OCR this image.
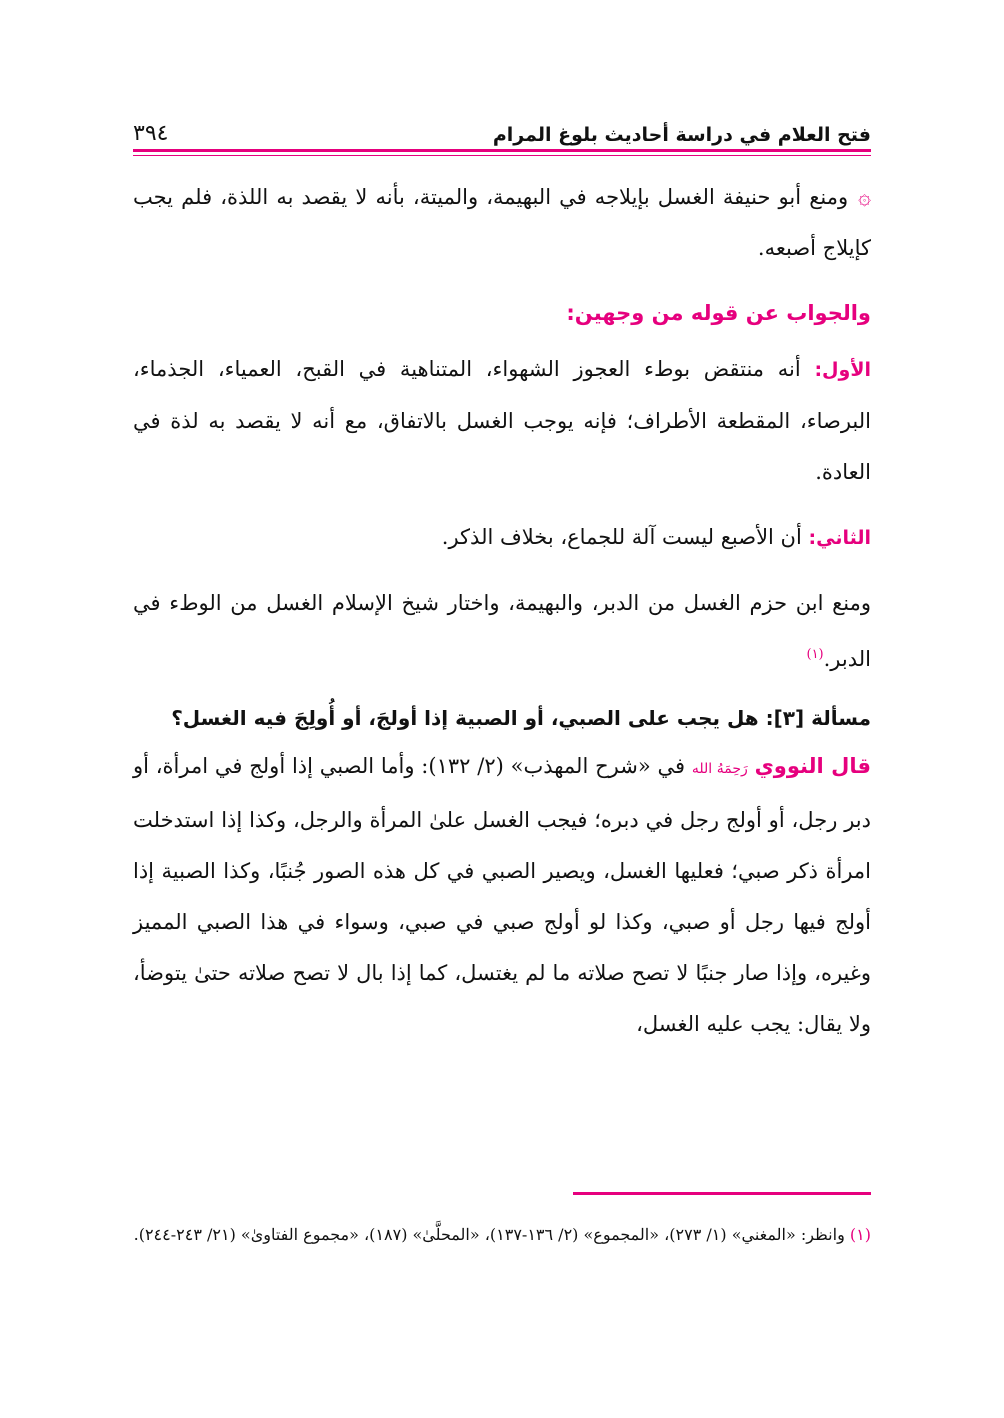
فتح العلام في دراسة أحاديث بلوغ المرام
٣٩٤

۞ومنع أبو حنيفة الغسل بإيلاجه في البهيمة، والميتة، بأنه لا يقصد به اللذة، فلم يجب كإيلاج أصبعه.

والجواب عن قوله من وجهين:

الأول: أنه منتقض بوطء العجوز الشهواء، المتناهية في القبح، العمياء، الجذماء، البرصاء، المقطعة الأطراف؛ فإنه يوجب الغسل بالاتفاق، مع أنه لا يقصد به لذة في العادة.

الثاني: أن الأصبع ليست آلة للجماع، بخلاف الذكر.

ومنع ابن حزم الغسل من الدبر، والبهيمة، واختار شيخ الإسلام الغسل من الوطء في الدبر.$^{(١)}$

مسألة [٣]: هل يجب على الصبي، أو الصبية إذا أولجَ، أو أُولِجَ فيه الغسل؟

قال النووي رَحِمَهُ الله في «شرح المهذب» (٢/ ١٣٢): وأما الصبي إذا أولج في امرأة، أو دبر رجل، أو أولج رجل في دبره؛ فيجب الغسل علىٰ المرأة والرجل، وكذا إذا استدخلت امرأة ذكر صبي؛ فعليها الغسل، ويصير الصبي في كل هذه الصور جُنبًا، وكذا الصبية إذا أولج فيها رجل أو صبي، وكذا لو أولج صبي في صبي، وسواء في هذا الصبي المميز وغيره، وإذا صار جنبًا لا تصح صلاته ما لم يغتسل، كما إذا بال لا تصح صلاته حتىٰ يتوضأ، ولا يقال: يجب عليه الغسل،

(١) وانظر: «المغني» (١/ ٢٧٣)، «المجموع» (٢/ ١٣٦-١٣٧)، «المحلَّىٰ» (١٨٧)، «مجموع الفتاوىٰ» (٢١/ ٢٤٣-٢٤٤).
